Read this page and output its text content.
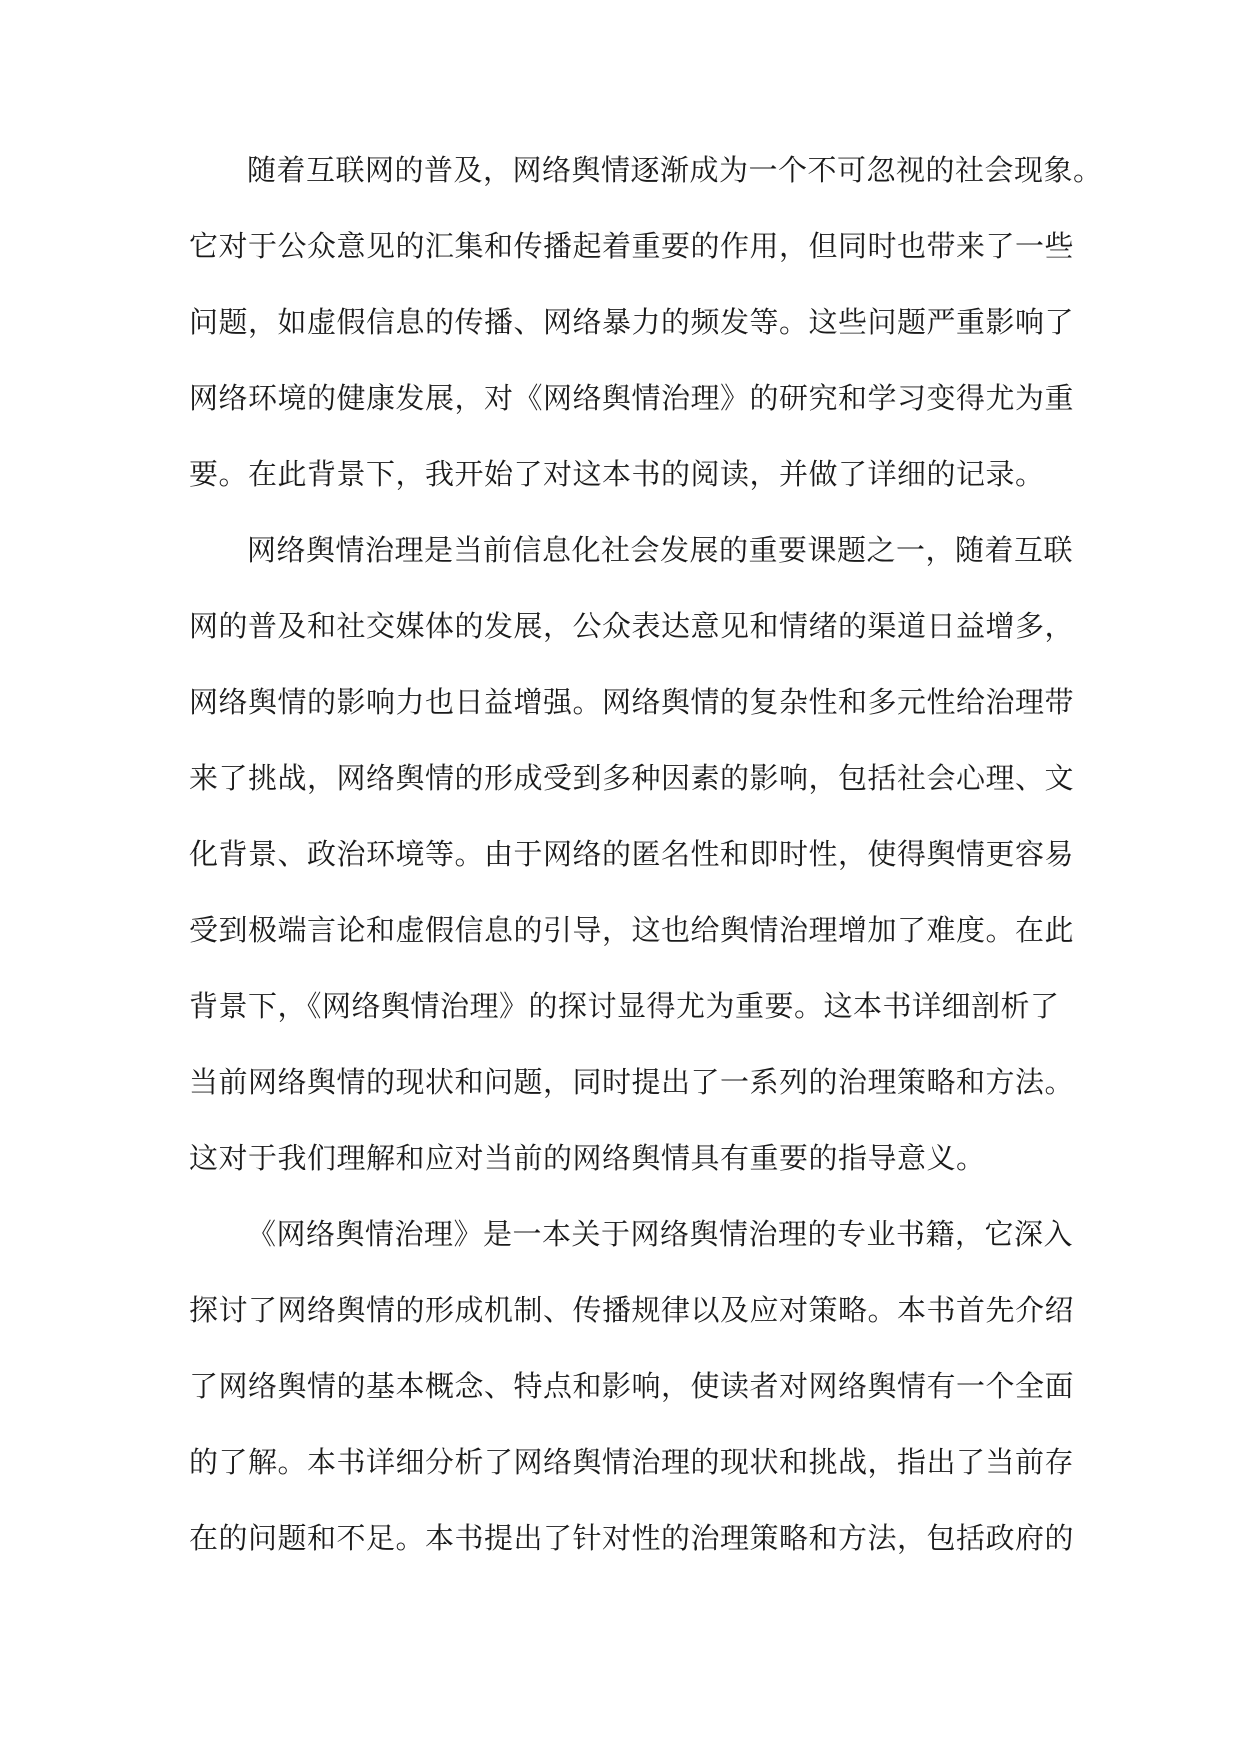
随着互联网的普及，网络舆情逐渐成为一个不可忽视的社会现象。
它对于公众意见的汇集和传播起着重要的作用，但同时也带来了一些
问题，如虚假信息的传播、网络暴力的频发等。这些问题严重影响了
网络环境的健康发展，对《网络舆情治理》的研究和学习变得尤为重
要。在此背景下，我开始了对这本书的阅读，并做了详细的记录。
网络舆情治理是当前信息化社会发展的重要课题之一，随着互联
网的普及和社交媒体的发展，公众表达意见和情绪的渠道日益增多，
网络舆情的影响力也日益增强。网络舆情的复杂性和多元性给治理带
来了挑战，网络舆情的形成受到多种因素的影响，包括社会心理、文
化背景、政治环境等。由于网络的匿名性和即时性，使得舆情更容易
受到极端言论和虚假信息的引导，这也给舆情治理增加了难度。在此
背景下，《网络舆情治理》的探讨显得尤为重要。这本书详细剖析了
当前网络舆情的现状和问题，同时提出了一系列的治理策略和方法。
这对于我们理解和应对当前的网络舆情具有重要的指导意义。
《网络舆情治理》是一本关于网络舆情治理的专业书籍，它深入
探讨了网络舆情的形成机制、传播规律以及应对策略。本书首先介绍
了网络舆情的基本概念、特点和影响，使读者对网络舆情有一个全面
的了解。本书详细分析了网络舆情治理的现状和挑战，指出了当前存
在的问题和不足。本书提出了针对性的治理策略和方法，包括政府的
